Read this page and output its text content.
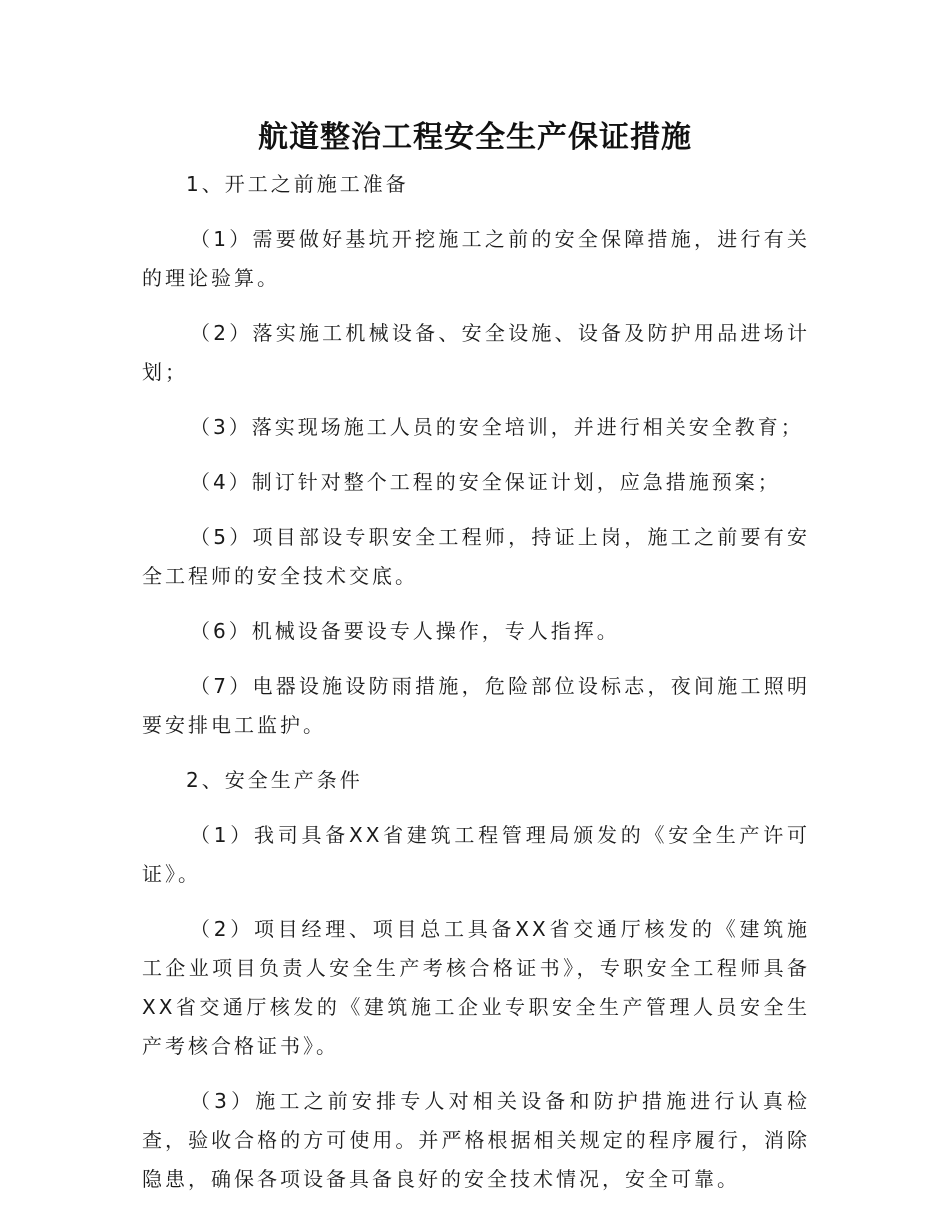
航道整治工程安全生产保证措施

1、开工之前施工准备

（1）需要做好基坑开挖施工之前的安全保障措施，进行有关的理论验算。

（2）落实施工机械设备、安全设施、设备及防护用品进场计划；

（3）落实现场施工人员的安全培训，并进行相关安全教育；

（4）制订针对整个工程的安全保证计划，应急措施预案；

（5）项目部设专职安全工程师，持证上岗，施工之前要有安全工程师的安全技术交底。

（6）机械设备要设专人操作，专人指挥。

（7）电器设施设防雨措施，危险部位设标志，夜间施工照明要安排电工监护。

2、安全生产条件

（1）我司具备XX省建筑工程管理局颁发的《安全生产许可证》。

（2）项目经理、项目总工具备XX省交通厅核发的《建筑施工企业项目负责人安全生产考核合格证书》，专职安全工程师具备XX省交通厅核发的《建筑施工企业专职安全生产管理人员安全生产考核合格证书》。

（3）施工之前安排专人对相关设备和防护措施进行认真检查，验收合格的方可使用。并严格根据相关规定的程序履行，消除隐患，确保各项设备具备良好的安全技术情况，安全可靠。
